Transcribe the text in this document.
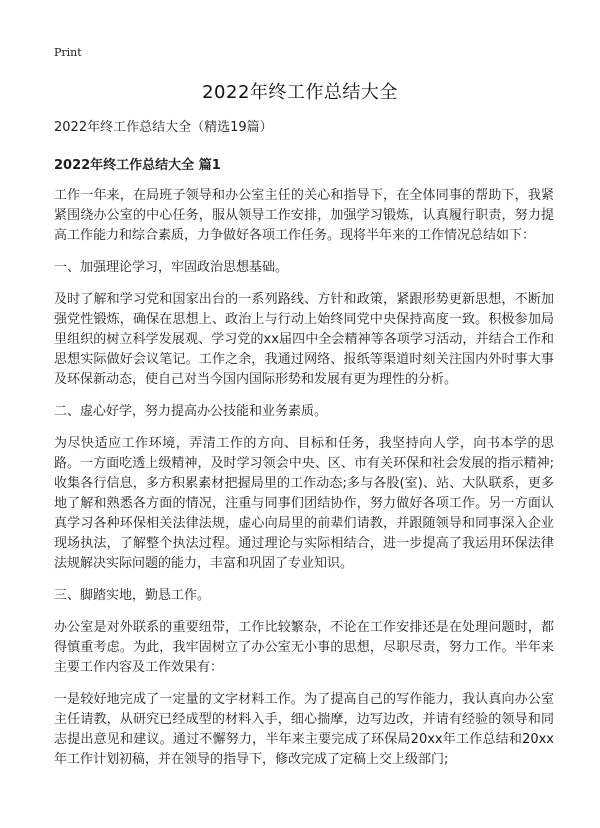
Print
2022年终工作总结大全

2022年终工作总结大全（精选19篇）

2022年终工作总结大全 篇1

工作一年来，在局班子领导和办公室主任的关心和指导下，在全体同事的帮助下，我紧紧围绕办公室的中心任务，服从领导工作安排，加强学习锻炼，认真履行职责，努力提高工作能力和综合素质，力争做好各项工作任务。现将半年来的工作情况总结如下：

一、加强理论学习，牢固政治思想基础。

及时了解和学习党和国家出台的一系列路线、方针和政策，紧跟形势更新思想，不断加强党性锻炼，确保在思想上、政治上与行动上始终同党中央保持高度一致。积极参加局里组织的树立科学发展观、学习党的xx届四中全会精神等各项学习活动，并结合工作和思想实际做好会议笔记。工作之余，我通过网络、报纸等渠道时刻关注国内外时事大事及环保新动态，使自己对当今国内国际形势和发展有更为理性的分析。

二、虚心好学，努力提高办公技能和业务素质。

为尽快适应工作环境，弄清工作的方向、目标和任务，我坚持向人学，向书本学的思路。一方面吃透上级精神，及时学习领会中央、区、市有关环保和社会发展的指示精神;收集各行信息，多方积累素材把握局里的工作动态;多与各股(室)、站、大队联系，更多地了解和熟悉各方面的情况，注重与同事们团结协作，努力做好各项工作。另一方面认真学习各种环保相关法律法规，虚心向局里的前辈们请教，并跟随领导和同事深入企业现场执法，了解整个执法过程。通过理论与实际相结合，进一步提高了我运用环保法律法规解决实际问题的能力，丰富和巩固了专业知识。

三、脚踏实地，勤恳工作。

办公室是对外联系的重要纽带，工作比较繁杂，不论在工作安排还是在处理问题时，都得慎重考虑。为此，我牢固树立了办公室无小事的思想，尽职尽责，努力工作。半年来主要工作内容及工作效果有：

一是较好地完成了一定量的文字材料工作。为了提高自己的写作能力，我认真向办公室主任请教，从研究已经成型的材料入手，细心揣摩，边写边改，并请有经验的领导和同志提出意见和建议。通过不懈努力，半年来主要完成了环保局20xx年工作总结和20xx年工作计划初稿，并在领导的指导下，修改完成了定稿上交上级部门;
